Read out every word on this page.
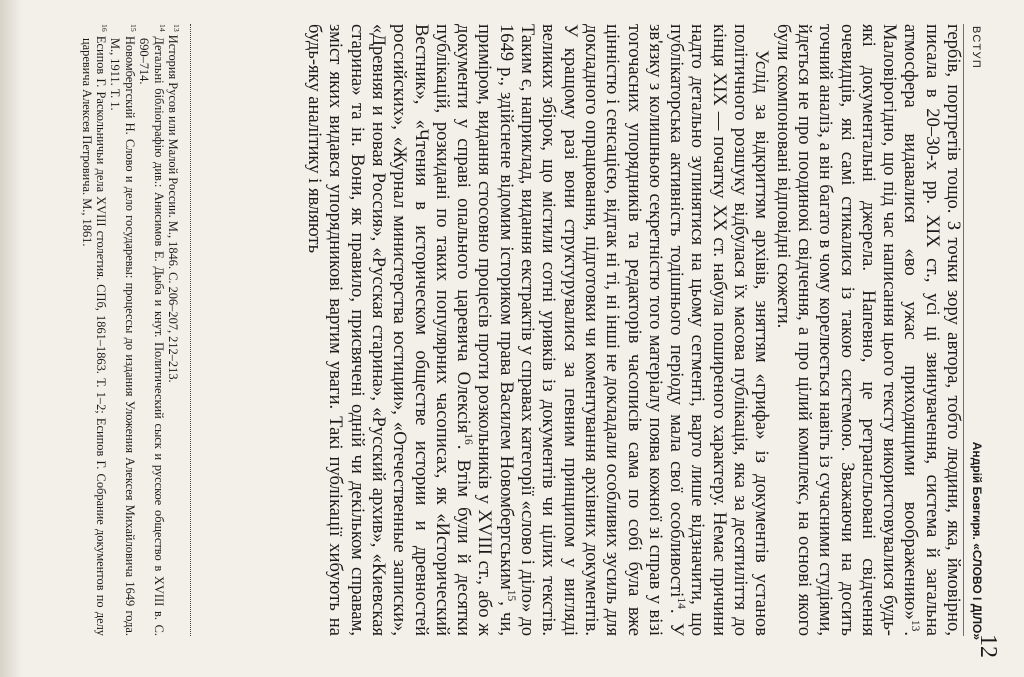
ВСТУП
Андрій Бовгиря. «СЛОВО І ДІЛО»
12

гербів, портретів тощо. З точки зору автора, тобто людини, яка, ймовірно, писала в 20–30-х рр. XIX ст., усі ці звинувачення, система й загальна атмосфера видавалися «во ужас приходящими воображению»$^{13}$. Маловірогідно, що під час написання цього тексту використовувалися будь-які документальні джерела. Напевно, це ретрансльовані свідчення очевидців, які самі стикалися із такою системою. Зважаючи на досить точний аналіз, а він багато в чому корелюється навіть із сучасними студіями, йдеться не про поодинокі свідчення, а про цілий комплекс, на основі якого були скомпоновані відповідні сюжети.

Услід за відкриттям архівів, зняттям «грифа» із документів установ політичного розшуку відбулася їх масова публікація, яка за десятиліття до кінця XIX — початку XX ст. набула поширеного характеру. Немає причини надто детально зупинятися на цьому сегменті, варто лише відзначити, що публікаторська активність тодішнього періоду мала свої особливості$^{14}$. У зв'язку з колишньою секретністю того матеріалу поява кожної зі справ у візі тогочасних упорядників та редакторів часописів сама по собі була вже цінністю і сенсацією, відтак ні ті, ні інші не докладали особливих зусиль для докладного опрацювання, підготовки чи коментування архівних документів. У кращому разі вони структурувалися за певним принципом у вигляді великих збірок, що містили сотні уривків із документів чи цілих текстів. Таким є, наприклад, видання екстрактів у справах категорії «слово і діло» до 1649 р., здійснене відомим істориком права Василем Новомбергським$^{15}$, чи, приміром, видання стосовно процесів проти розкольників у XVIII ст., або ж документи у справі опального царевича Олексія$^{16}$. Втім були й десятки публікацій, розкидані по таких популярних часописах, як «Исторический Вестник», «Чтения в историческом обществе истории и древностей российских», «Журнал министерства юстиции», «Отечественные записки», «Древняя и новая Россия», «Русская старина», «Русский архив», «Киевская старина» та ін. Вони, як правило, присвячені одній чи декільком справам, зміст яких видався упорядникові вартим уваги. Такі публікації хибують на будь-яку аналітику і являють

$^{13}$ История Русов или Малой России. М., 1846. С. 206–207, 212–213.

$^{14}$ Детальні бібліографію див.: Анисимов Е. Дыба и кнут. Политический сыск и русское общество в XVIII в. С. 690–714.

$^{15}$ Новомбергский Н. Слово и дело государевы: процессы до издания Уложения Алексея Михайловича 1649 года. М., 1911. Т. 1.

$^{16}$ Есипов Г. Раскольничьи дела XVIII столетия. СПб, 1861–1863. Т. 1–2; Есипов Г. Собрание документов по делу царевича Алексея Петровича. М., 1861.
